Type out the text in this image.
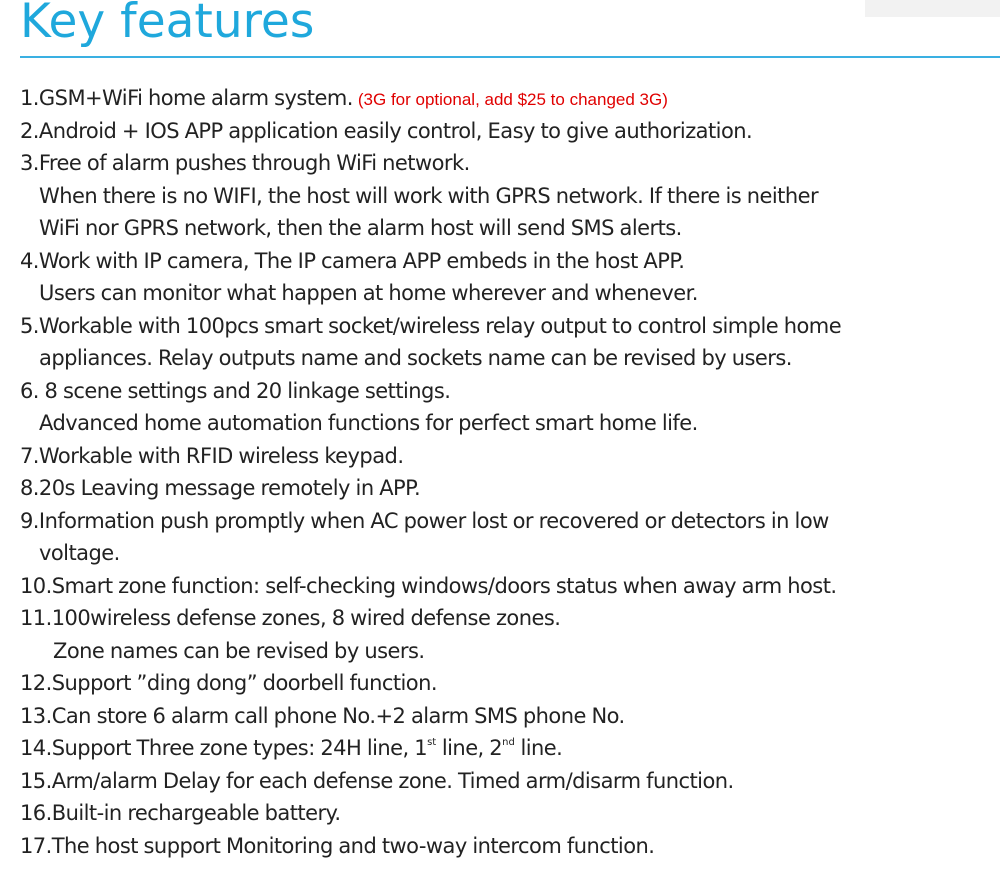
Key features
1.GSM+WiFi home alarm system. (3G for optional, add $25 to changed 3G)
2.Android + IOS APP application easily control, Easy to give authorization.
3.Free of alarm pushes through WiFi network.
When there is no WIFI, the host will work with GPRS network. If there is neither
WiFi nor GPRS network, then the alarm host will send SMS alerts.
4.Work with IP camera, The IP camera APP embeds in the host APP.
Users can monitor what happen at home wherever and whenever.
5.Workable with 100pcs smart socket/wireless relay output to control simple home
appliances. Relay outputs name and sockets name can be revised by users.
6. 8 scene settings and 20 linkage settings.
Advanced home automation functions for perfect smart home life.
7.Workable with RFID wireless keypad.
8.20s Leaving message remotely in APP.
9.Information push promptly when AC power lost or recovered or detectors in low
voltage.
10.Smart zone function: self-checking windows/doors status when away arm host.
11.100wireless defense zones, 8 wired defense zones.
Zone names can be revised by users.
12.Support ”ding dong” doorbell function.
13.Can store 6 alarm call phone No.+2 alarm SMS phone No.
14.Support Three zone types: 24H line, 1st line, 2nd line.
15.Arm/alarm Delay for each defense zone. Timed arm/disarm function.
16.Built-in rechargeable battery.
17.The host support Monitoring and two-way intercom function.
